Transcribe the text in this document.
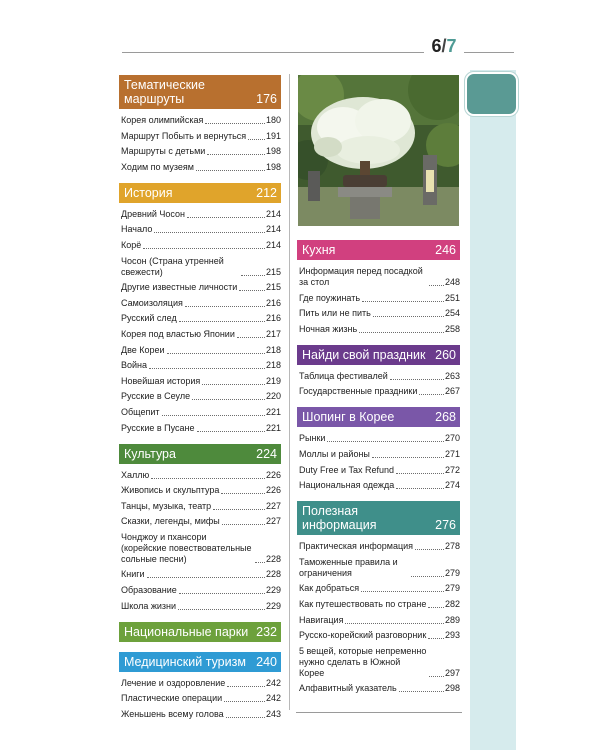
6/7
Тематические маршруты	176
Корея олимпийская	180
Маршрут Побыть и вернуться 191
Маршруты с детьми	198
Ходим по музеям	198
История	212
Древний Чосон	214
Начало	214
Корё	214
Чосон (Страна утренней свежести)	215
Другие известные личности	215
Самоизоляция	216
Русский след	216
Корея под властью Японии	217
Две Кореи	218
Война	218
Новейшая история	219
Русские в Сеуле	220
Общепит	221
Русские в Пусане	221
Культура	224
Халлю	226
Живопись и скульптура	226
Танцы, музыка, театр	227
Сказки, легенды, мифы	227
Чонджоу и пхансори (корейские повествовательные сольные песни)	228
Книги	228
Образование	229
Школа жизни	229
Национальные парки 232
Медицинский туризм 240
Лечение и оздоровление	242
Пластические операции	242
Женьшень всему голова	243
Кухня	246
Информация перед посадкой за стол	248
Где поужинать	251
Пить или не пить	254
Ночная жизнь	258
Найди свой праздник 260
Таблица фестивалей	263
Государственные праздники	267
Шопинг в Корее	268
Рынки	270
Моллы и районы	271
Duty Free и Tax Refund	272
Национальная одежда	274
Полезная информация	276
Практическая информация	278
Таможенные правила и ограничения	279
Как добраться	279
Как путешествовать по стране 282
Навигация	289
Русско-корейский разговорник 293
5 вещей, которые непременно нужно сделать в Южной Корее	297
Алфавитный указатель	298
